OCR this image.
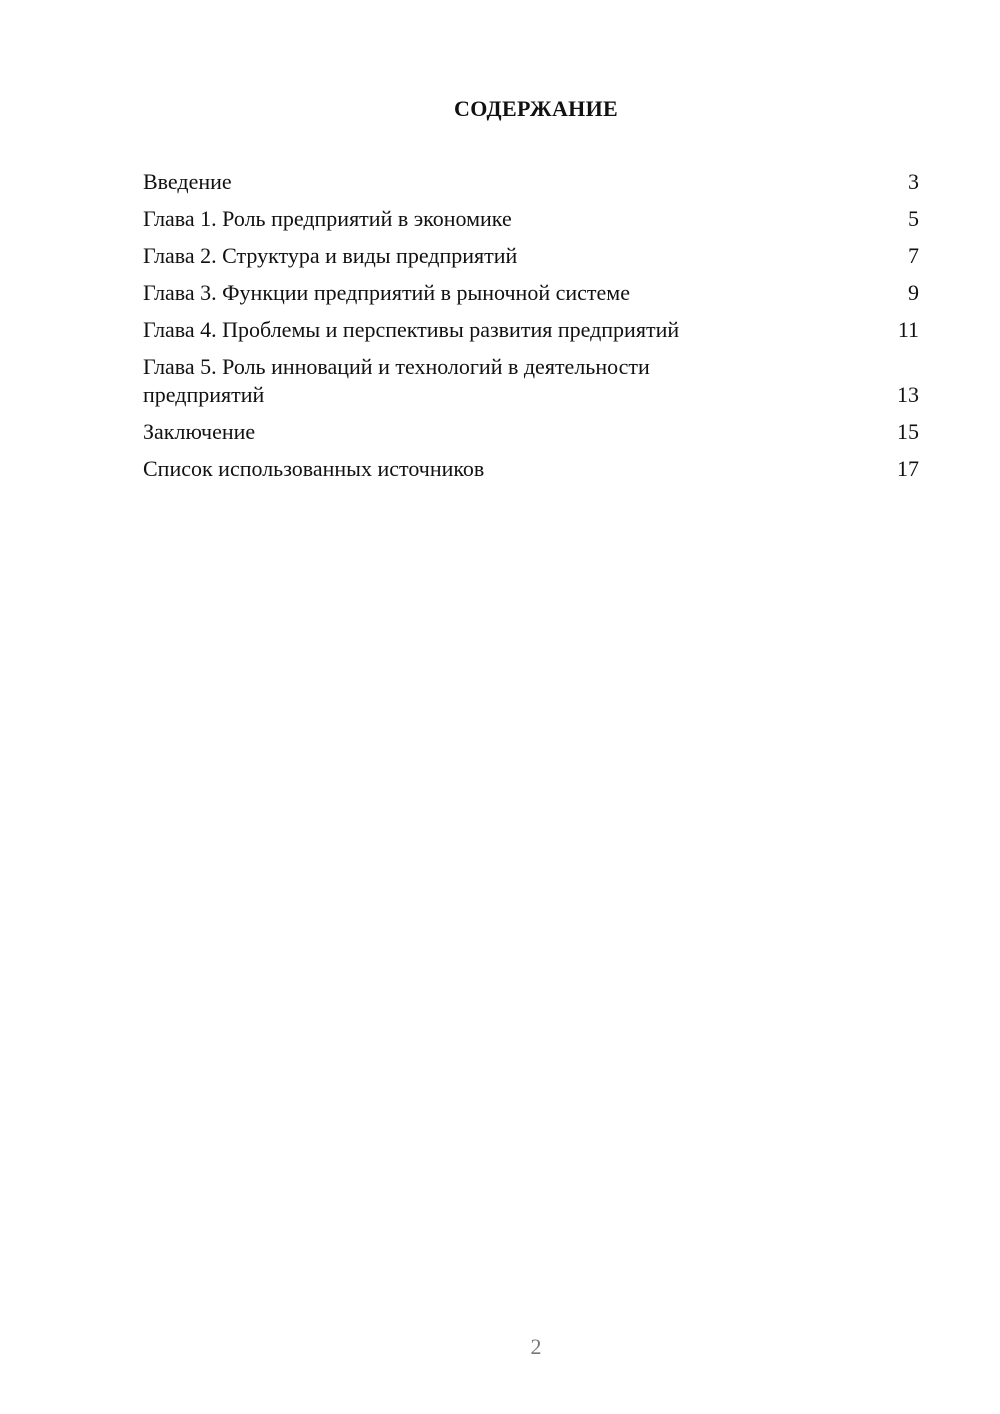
СОДЕРЖАНИЕ
Введение	3
Глава 1. Роль предприятий в экономике	5
Глава 2. Структура и виды предприятий	7
Глава 3. Функции предприятий в рыночной системе	9
Глава 4. Проблемы и перспективы развития предприятий	11
Глава 5. Роль инноваций и технологий в деятельности предприятий	13
Заключение	15
Список использованных источников	17
2
